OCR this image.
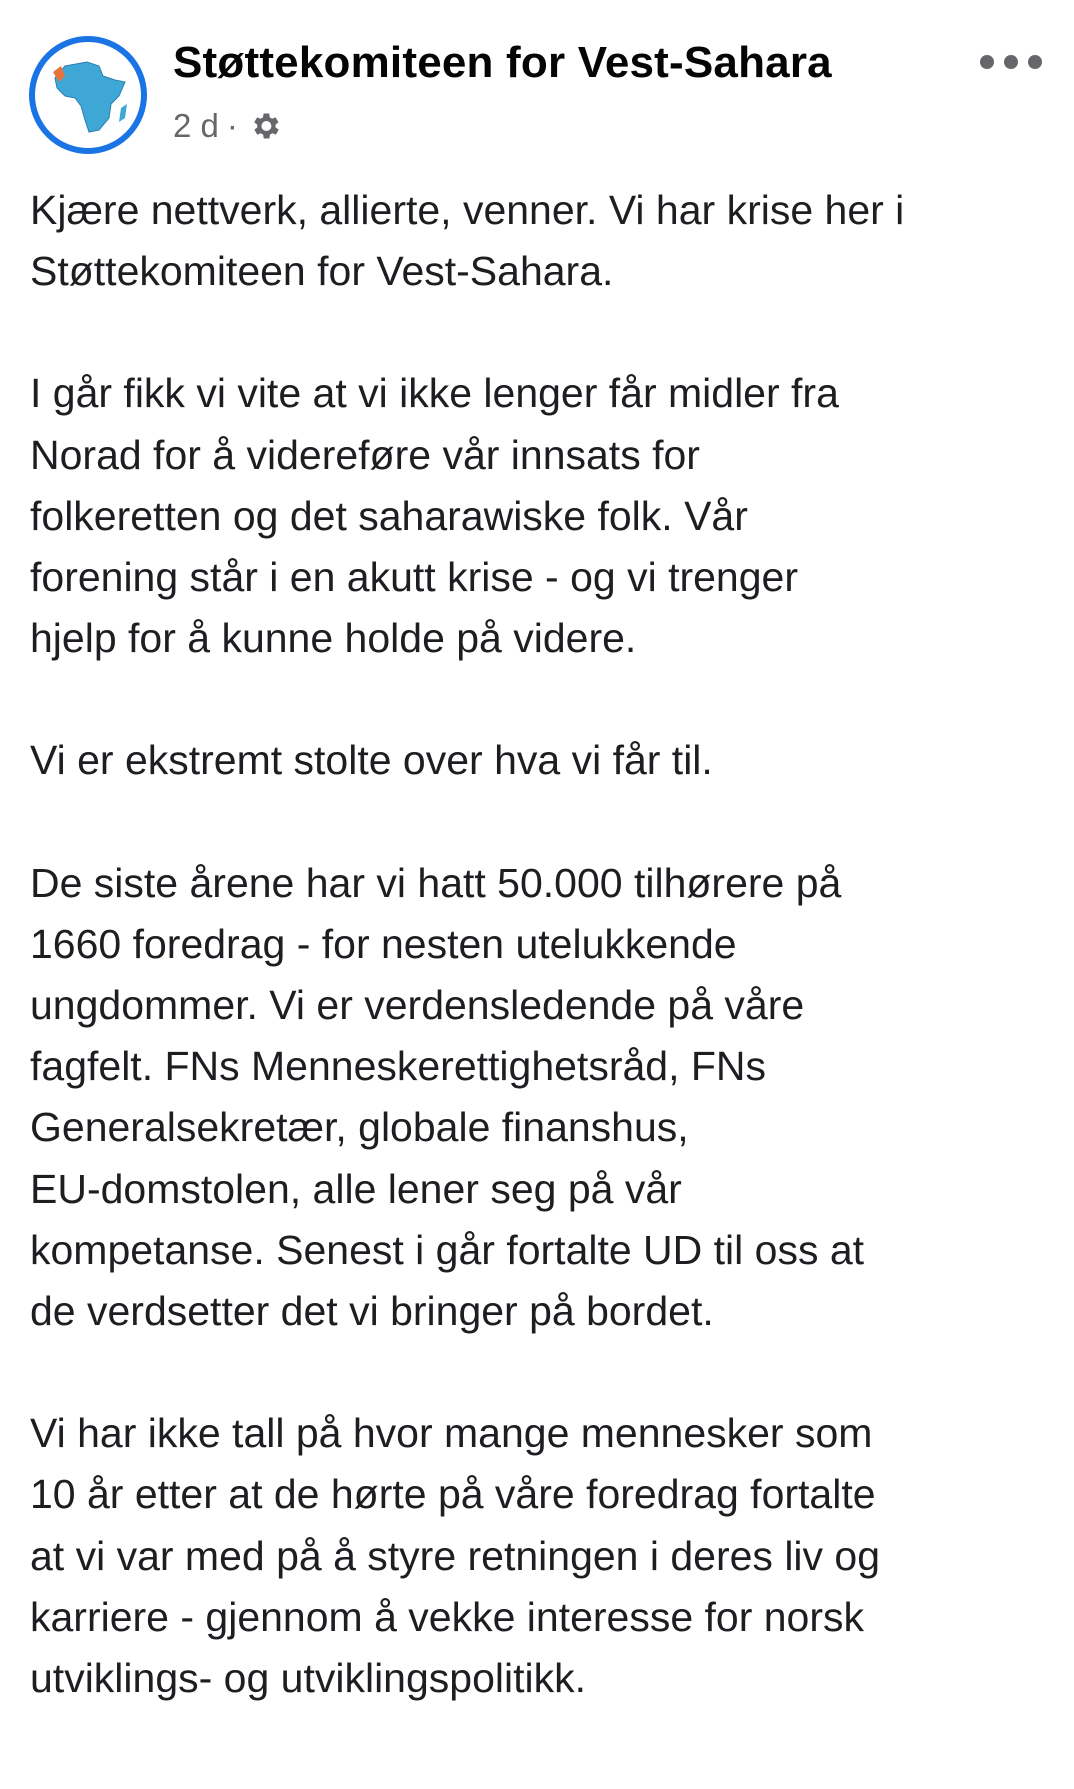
Støttekomiteen for Vest-Sahara
2 d ·

Kjære nettverk, allierte, venner. Vi har krise her i
Støttekomiteen for Vest-Sahara.

I går fikk vi vite at vi ikke lenger får midler fra
Norad for å videreføre vår innsats for
folkeretten og det saharawiske folk. Vår
forening står i en akutt krise - og vi trenger
hjelp for å kunne holde på videre.

Vi er ekstremt stolte over hva vi får til.

De siste årene har vi hatt 50.000 tilhørere på
1660 foredrag - for nesten utelukkende
ungdommer. Vi er verdensledende på våre
fagfelt. FNs Menneskerettighetsråd, FNs
Generalsekretær, globale finanshus,
EU-domstolen, alle lener seg på vår
kompetanse. Senest i går fortalte UD til oss at
de verdsetter det vi bringer på bordet.

Vi har ikke tall på hvor mange mennesker som
10 år etter at de hørte på våre foredrag fortalte
at vi var med på å styre retningen i deres liv og
karriere - gjennom å vekke interesse for norsk
utviklings- og utviklingspolitikk.
